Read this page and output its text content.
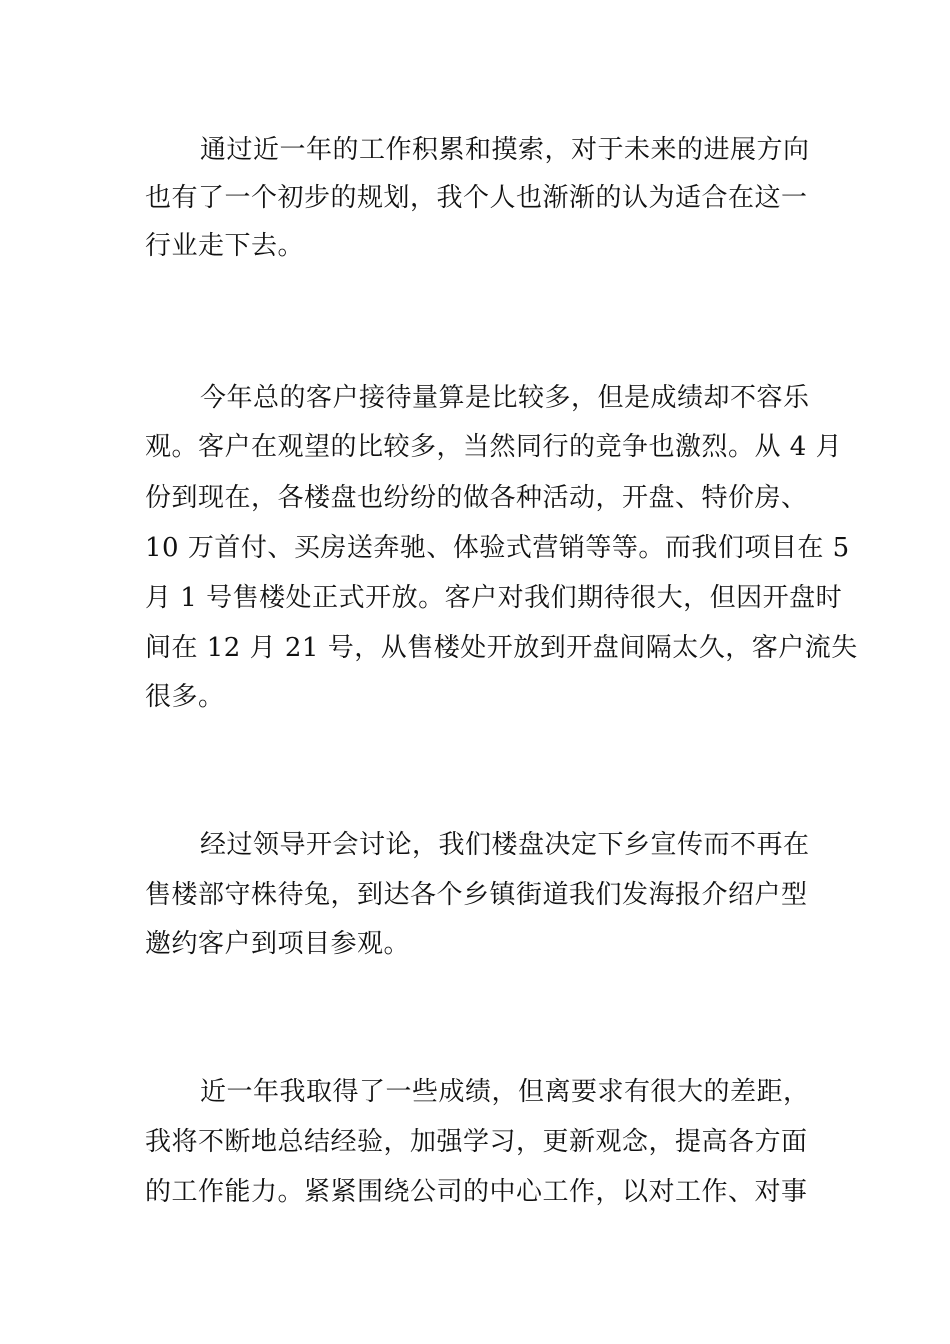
通过近一年的工作积累和摸索，对于未来的进展方向
也有了一个初步的规划，我个人也渐渐的认为适合在这一
行业走下去。
今年总的客户接待量算是比较多，但是成绩却不容乐
观。客户在观望的比较多，当然同行的竞争也激烈。从 4 月
份到现在，各楼盘也纷纷的做各种活动，开盘、特价房、
10 万首付、买房送奔驰、体验式营销等等。而我们项目在 5
月 1 号售楼处正式开放。客户对我们期待很大，但因开盘时
间在 12 月 21 号，从售楼处开放到开盘间隔太久，客户流失
很多。
经过领导开会讨论，我们楼盘决定下乡宣传而不再在
售楼部守株待兔，到达各个乡镇街道我们发海报介绍户型
邀约客户到项目参观。
近一年我取得了一些成绩，但离要求有很大的差距，
我将不断地总结经验，加强学习，更新观念，提高各方面
的工作能力。紧紧围绕公司的中心工作，以对工作、对事
